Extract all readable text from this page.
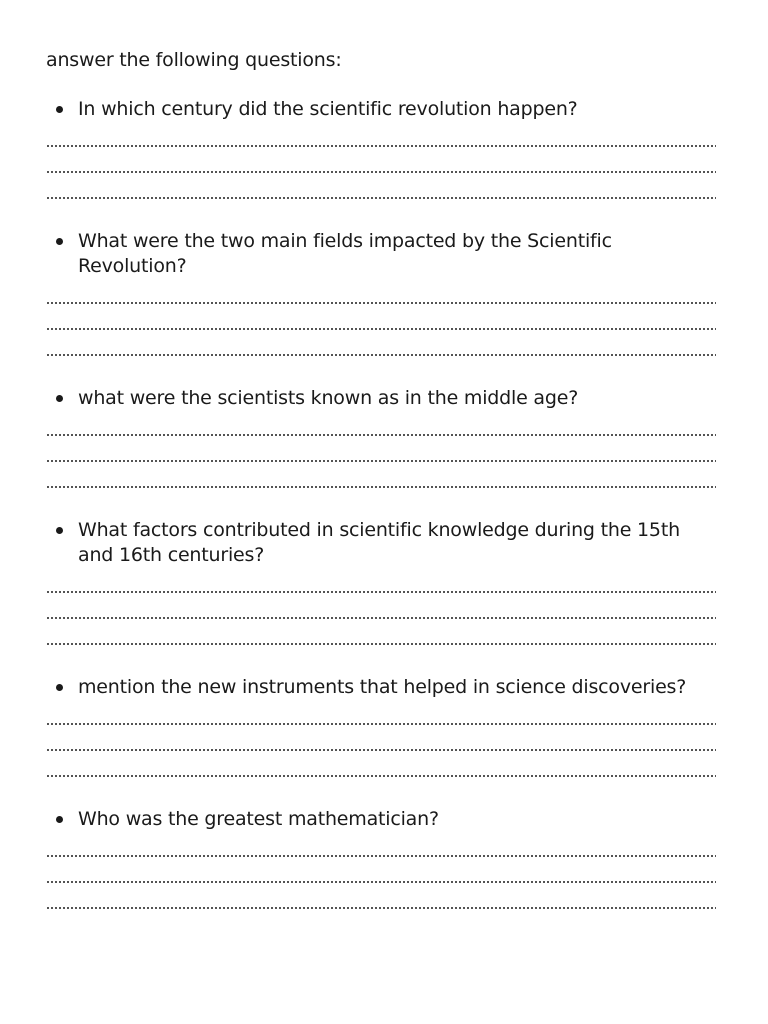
answer the following questions:

In which century did the scientific revolution happen?

What were the two main fields impacted by the Scientific Revolution?

what were the scientists known as in the middle age?

What factors contributed in scientific knowledge during the 15th and 16th centuries?

mention the new instruments that helped in science discoveries?

Who was the greatest mathematician?
